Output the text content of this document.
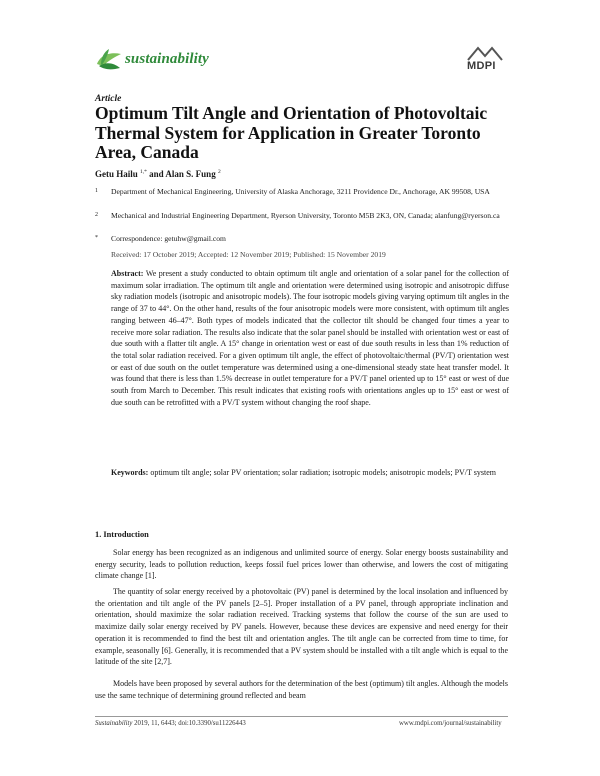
sustainability	MDPI
Article
Optimum Tilt Angle and Orientation of Photovoltaic Thermal System for Application in Greater Toronto Area, Canada
Getu Hailu $^{1,*}$ and Alan S. Fung $^2$
1 Department of Mechanical Engineering, University of Alaska Anchorage, 3211 Providence Dr., Anchorage, AK 99508, USA
2 Mechanical and Industrial Engineering Department, Ryerson University, Toronto M5B 2K3, ON, Canada; alanfung@ryerson.ca
* Correspondence: getuhw@gmail.com
Received: 17 October 2019; Accepted: 12 November 2019; Published: 15 November 2019
Abstract: We present a study conducted to obtain optimum tilt angle and orientation of a solar panel for the collection of maximum solar irradiation. The optimum tilt angle and orientation were determined using isotropic and anisotropic diffuse sky radiation models (isotropic and anisotropic models). The four isotropic models giving varying optimum tilt angles in the range of 37 to 44°. On the other hand, results of the four anisotropic models were more consistent, with optimum tilt angles ranging between 46–47°. Both types of models indicated that the collector tilt should be changed four times a year to receive more solar radiation. The results also indicate that the solar panel should be installed with orientation west or east of due south with a flatter tilt angle. A 15° change in orientation west or east of due south results in less than 1% reduction of the total solar radiation received. For a given optimum tilt angle, the effect of photovoltaic/thermal (PV/T) orientation west or east of due south on the outlet temperature was determined using a one-dimensional steady state heat transfer model. It was found that there is less than 1.5% decrease in outlet temperature for a PV/T panel oriented up to 15° east or west of due south from March to December. This result indicates that existing roofs with orientations angles up to 15° east or west of due south can be retrofitted with a PV/T system without changing the roof shape.
Keywords: optimum tilt angle; solar PV orientation; solar radiation; isotropic models; anisotropic models; PV/T system
1. Introduction
Solar energy has been recognized as an indigenous and unlimited source of energy. Solar energy boosts sustainability and energy security, leads to pollution reduction, keeps fossil fuel prices lower than otherwise, and lowers the cost of mitigating climate change [1].
The quantity of solar energy received by a photovoltaic (PV) panel is determined by the local insolation and influenced by the orientation and tilt angle of the PV panels [2–5]. Proper installation of a PV panel, through appropriate inclination and orientation, should maximize the solar radiation received. Tracking systems that follow the course of the sun are used to maximize daily solar energy received by PV panels. However, because these devices are expensive and need energy for their operation it is recommended to find the best tilt and orientation angles. The tilt angle can be corrected from time to time, for example, seasonally [6]. Generally, it is recommended that a PV system should be installed with a tilt angle which is equal to the latitude of the site [2,7].
Models have been proposed by several authors for the determination of the best (optimum) tilt angles. Although the models use the same technique of determining ground reflected and beam
Sustainability 2019, 11, 6443; doi:10.3390/su11226443	www.mdpi.com/journal/sustainability
